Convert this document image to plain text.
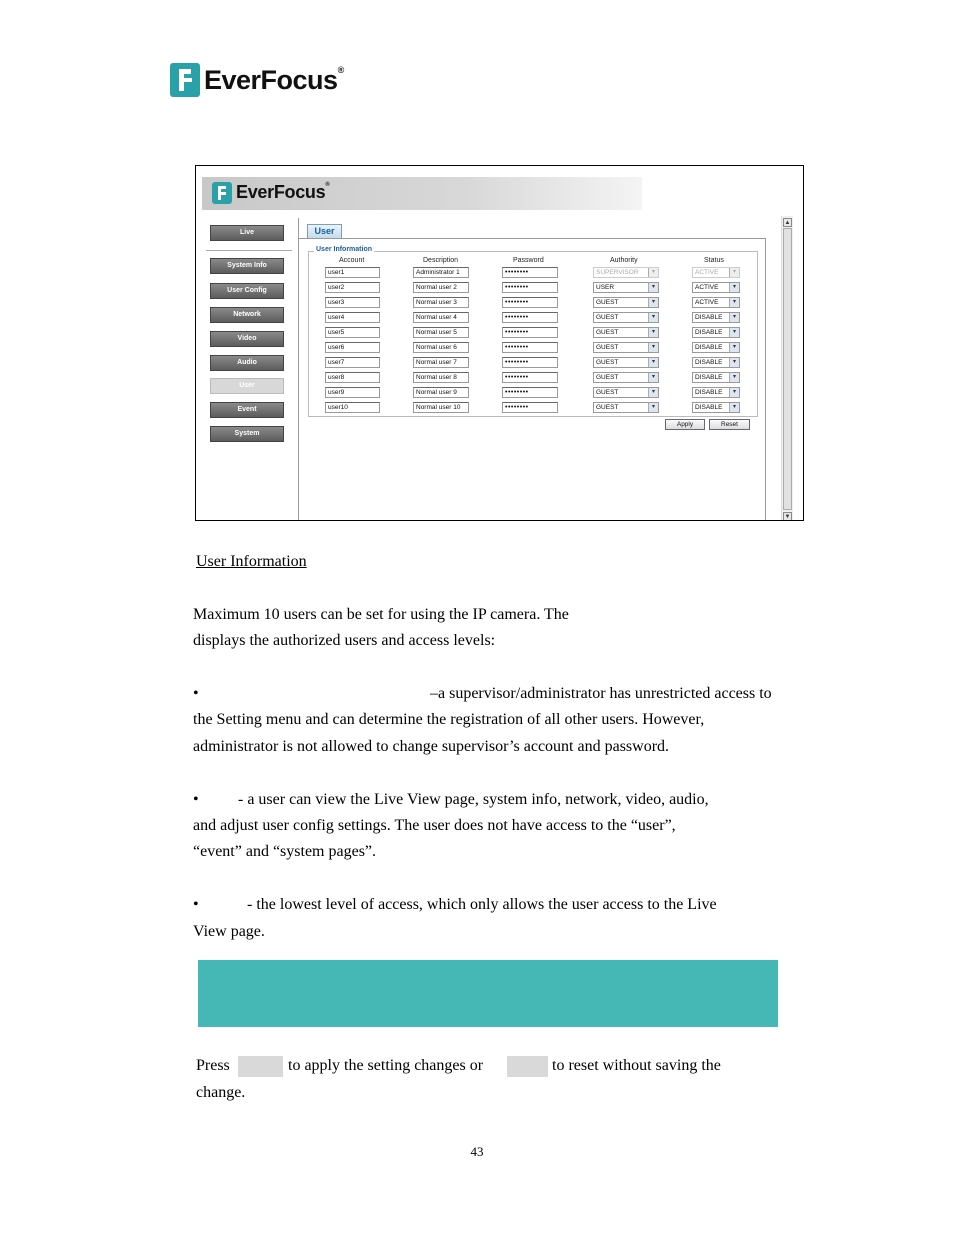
EverFocus®
EverFocus®
Live
System Info
User Config
Network
Video
Audio
User
Event
System
User
User Information
Account	Description	Password	Authority	Status
user1	Administrator 1	••••••••	SUPERVISOR	▾	ACTIVE	▾
user2	Normal user 2	••••••••	USER	▾	ACTIVE	▾
user3	Normal user 3	••••••••	GUEST	▾	ACTIVE	▾
user4	Normal user 4	••••••••	GUEST	▾	DISABLE	▾
user5	Normal user 5	••••••••	GUEST	▾	DISABLE	▾
user6	Normal user 6	••••••••	GUEST	▾	DISABLE	▾
user7	Normal user 7	••••••••	GUEST	▾	DISABLE	▾
user8	Normal user 8	••••••••	GUEST	▾	DISABLE	▾
user9	Normal user 9	••••••••	GUEST	▾	DISABLE	▾
user10	Normal user 10	••••••••	GUEST	▾	DISABLE	▾
Apply	Reset
▲
▼
User Information
Maximum 10 users can be set for using the IP camera. The
displays the authorized users and access levels:
•	–a supervisor/administrator has unrestricted access to
the Setting menu and can determine the registration of all other users. However,
administrator is not allowed to change supervisor’s account and password.
• - a user can view the Live View page, system info, network, video, audio,
and adjust user config settings. The user does not have access to the “user”,
“event” and “system pages”.
•	- the lowest level of access, which only allows the user access to the Live
View page.
Press	to apply the setting changes or	to reset without saving the
change.
43
